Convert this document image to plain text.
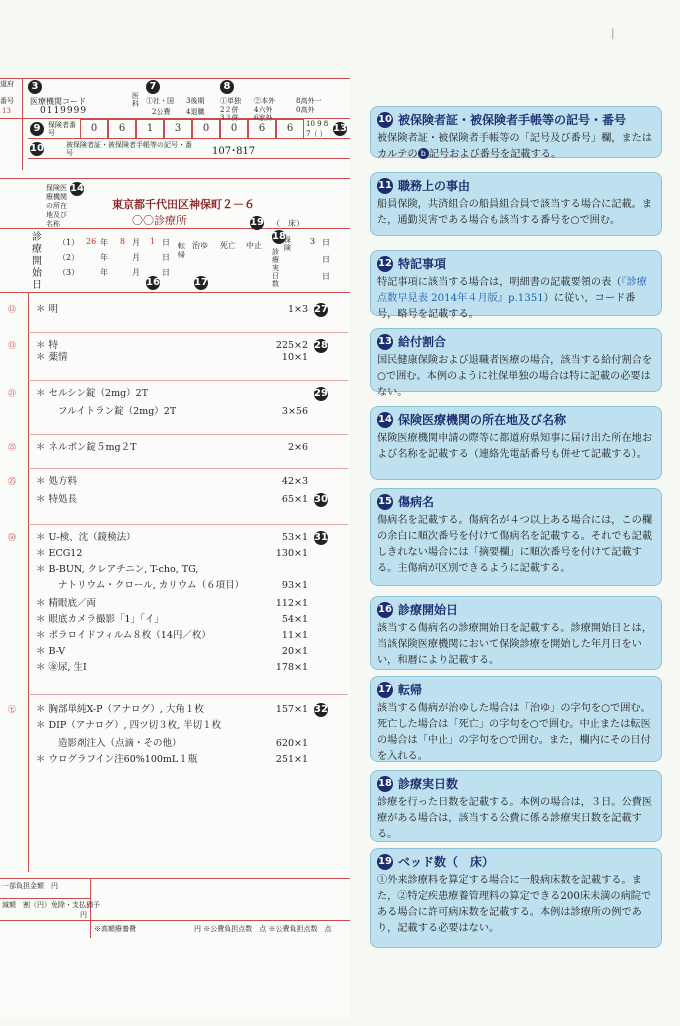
道府
番号
13
3
医療機関コード
0119999
医科
7
①社・国
2公費
3後期
4退職
8
①単独
2２併
3３併
②本外
4六外
6家外
8高外一
0高外
9	保険者番号	0	6	1	3	0	0	6	6	10 9 8
7（ ） 13
10	被保険者証・被保険者手帳等の記号・番号	107･817
14
保険医療機関の所在地及び名称
東京都千代田区神保町２－６
〇〇診療所	19 （　床）
18
診療開始日
（1）
（2）
（3）
26 年 8 月 1 日
年	月	日
年	月	日
16
転帰
治ゆ 死亡 中止
17
診療実日数
保険
3 日
日
日
⑫ ＊ 明	1×3 27
⑬ ＊ 特	225×2 28
＊ 薬情	10×1
㉑ ＊ セルシン錠（2mg）2T	29
フルイトラン錠（2mg）2T	3×56
㉒ ＊ ネルボン錠５mg２T	2×6
㉕ ＊ 処方料	42×3
＊ 特処長	65×1 30
㊿ ＊ U-検、沈（鏡検法）	53×1 31
＊ ECG12	130×1
＊ B-BUN, クレアチニン, T-cho, TG,
ナトリウム・クロール, カリウム（６項目）	93×1
＊ 精眼底／両	112×1
＊ 眼底カメラ撮影「1」「イ」	54×1
＊ ポラロイドフィルム８枚（14円／枚）	11×1
＊ B-V	20×1
＊ ㊎尿, 生Ⅰ	178×1
㊆ ＊ 胸部単純X-P（アナログ）, 大角１枚	157×1 32
＊ DIP（アナログ）, 四ツ切３枚, 半切１枚
造影剤注入（点滴・その他）	620×1
＊ ウログラフイン注60%100mL１瓶	251×1
一部負担金額　円
減額　割（円）免除・支払猶予
円
※高額療養費	円 ※公費負担点数　点 ※公費負担点数　点
┃
10 被保険者証・被保険者手帳等の記号・番号
被保険者証・被保険者手帳等の「記号及び番号」欄，またはカルテの b 記号および番号を記載する。
11 職務上の事由
船員保険，共済組合の船員組合員で該当する場合に記載。また，通勤災害である場合も該当する番号を○で囲む。
12 特記事項
特記事項に該当する場合は，明細書の記載要領の表（『診療点数早見表 2014年４月版』p.1351）に従い，コード番号，略号を記載する。
13 給付割合
国民健康保険および退職者医療の場合，該当する給付割合を○で囲む。本例のように社保単独の場合は特に記載の必要はない。
14 保険医療機関の所在地及び名称
保険医療機関申請の際等に都道府県知事に届け出た所在地および名称を記載する（連絡先電話番号も併せて記載する）。
15 傷病名
傷病名を記載する。傷病名が４つ以上ある場合には，この欄の余白に順次番号を付けて傷病名を記載する。それでも記載しきれない場合には「摘要欄」に順次番号を付けて記載する。主傷病が区別できるように記載する。
16 診療開始日
該当する傷病名の診療開始日を記載する。診療開始日とは，当該保険医療機関において保険診療を開始した年月日をいい，和暦により記載する。
17 転帰
該当する傷病が治ゆした場合は「治ゆ」の字句を○で囲む。死亡した場合は「死亡」の字句を○で囲む。中止または転医の場合は「中止」の字句を○で囲む。また，欄内にその日付を入れる。
18 診療実日数
診療を行った日数を記載する。本例の場合は，３日。公費医療がある場合は，該当する公費に係る診療実日数を記載する。
19 ベッド数（　床）
①外来診療料を算定する場合に一般病床数を記載する。また，②特定疾患療養管理料の算定できる200床未満の病院である場合に許可病床数を記載する。本例は診療所の例であり，記載する必要はない。
